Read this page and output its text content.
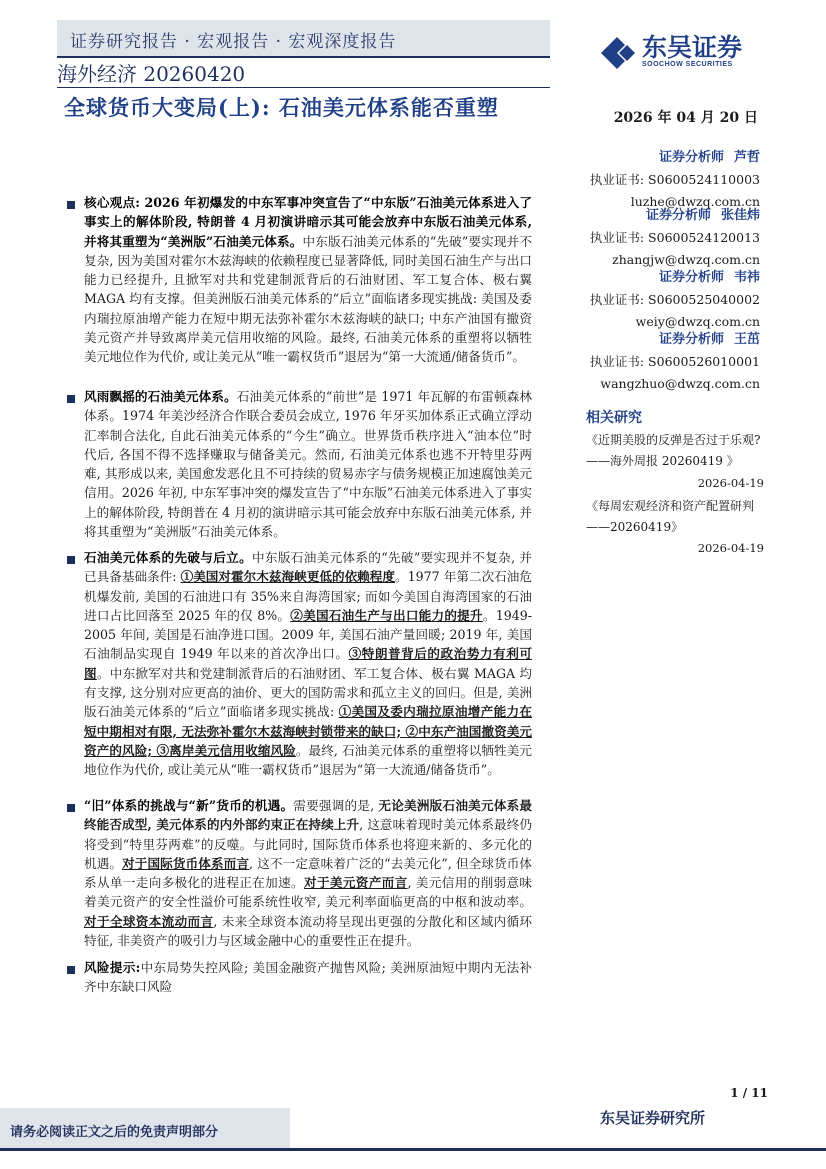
证券研究报告 · 宏观报告 · 宏观深度报告
海外经济 20260420
全球货币大变局(上): 石油美元体系能否重塑
东吴证券
SOOCHOW SECURITIES
2026 年 04 月 20 日
证券分析师 芦哲
执业证书: S0600524110003
luzhe@dwzq.com.cn
证券分析师 张佳炜
执业证书: S0600524120013
zhangjw@dwzq.com.cn
证券分析师 韦祎
执业证书: S0600525040002
weiy@dwzq.com.cn
证券分析师 王茁
执业证书: S0600526010001
wangzhuo@dwzq.com.cn
相关研究
《近期美股的反弹是否过于乐观? ——海外周报 20260419 》
2026-04-19
《每周宏观经济和资产配置研判——20260419》
2026-04-19
核心观点: 2026 年初爆发的中东军事冲突宣告了“中东版”石油美元体系进入了事实上的解体阶段, 特朗普 4 月初演讲暗示其可能会放弃中东版石油美元体系, 并将其重塑为“美洲版”石油美元体系。中东版石油美元体系的“先破”要实现并不复杂, 因为美国对霍尔木兹海峡的依赖程度已显著降低, 同时美国石油生产与出口能力已经提升, 且掀军对共和党建制派背后的石油财团、军工复合体、极右翼 MAGA 均有支撑。但美洲版石油美元体系的“后立”面临诸多现实挑战: 美国及委内瑞拉原油增产能力在短中期无法弥补霍尔木兹海峡的缺口; 中东产油国有撤资美元资产并导致离岸美元信用收缩的风险。最终, 石油美元体系的重塑将以牺牲美元地位作为代价, 或让美元从“唯一霸权货币”退居为“第一大流通/储备货币”。
风雨飘摇的石油美元体系。石油美元体系的“前世”是 1971 年瓦解的布雷顿森林体系。1974 年美沙经济合作联合委员会成立, 1976 年牙买加体系正式确立浮动汇率制合法化, 自此石油美元体系的“今生”确立。世界货币秩序进入“油本位”时代后, 各国不得不选择赚取与储备美元。然而, 石油美元体系也逃不开特里芬两难, 其形成以来, 美国愈发恶化且不可持续的贸易赤字与债务规模正加速腐蚀美元信用。2026 年初, 中东军事冲突的爆发宣告了“中东版”石油美元体系进入了事实上的解体阶段, 特朗普在 4 月初的演讲暗示其可能会放弃中东版石油美元体系, 并将其重塑为“美洲版”石油美元体系。
石油美元体系的先破与后立。中东版石油美元体系的“先破”要实现并不复杂, 并已具备基础条件: ①美国对霍尔木兹海峡更低的依赖程度。1977 年第二次石油危机爆发前, 美国的石油进口有 35%来自海湾国家; 而如今美国自海湾国家的石油进口占比回落至 2025 年的仅 8%。②美国石油生产与出口能力的提升。1949-2005 年间, 美国是石油净进口国。2009 年, 美国石油产量回暖; 2019 年, 美国石油制品实现自 1949 年以来的首次净出口。③特朗普背后的政治势力有利可图。中东掀军对共和党建制派背后的石油财团、军工复合体、极右翼 MAGA 均有支撑, 这分别对应更高的油价、更大的国防需求和孤立主义的回归。但是, 美洲版石油美元体系的“后立”面临诸多现实挑战: ①美国及委内瑞拉原油增产能力在短中期相对有限, 无法弥补霍尔木兹海峡封锁带来的缺口; ②中东产油国撤资美元资产的风险; ③离岸美元信用收缩风险。最终, 石油美元体系的重塑将以牺牲美元地位作为代价, 或让美元从“唯一霸权货币”退居为“第一大流通/储备货币”。
“旧”体系的挑战与“新”货币的机遇。需要强调的是, 无论美洲版石油美元体系最终能否成型, 美元体系的内外部约束正在持续上升, 这意味着现时美元体系最终仍将受到“特里芬两难”的反噬。与此同时, 国际货币体系也将迎来新的、多元化的机遇。对于国际货币体系而言, 这不一定意味着广泛的“去美元化”, 但全球货币体系从单一走向多极化的进程正在加速。对于美元资产而言, 美元信用的削弱意味着美元资产的安全性溢价可能系统性收窄, 美元利率面临更高的中枢和波动率。对于全球资本流动而言, 未来全球资本流动将呈现出更强的分散化和区域内循环特征, 非美资产的吸引力与区域金融中心的重要性正在提升。
风险提示:中东局势失控风险; 美国金融资产抛售风险; 美洲原油短中期内无法补齐中东缺口风险
1 / 11
请务必阅读正文之后的免责声明部分
东吴证券研究所
